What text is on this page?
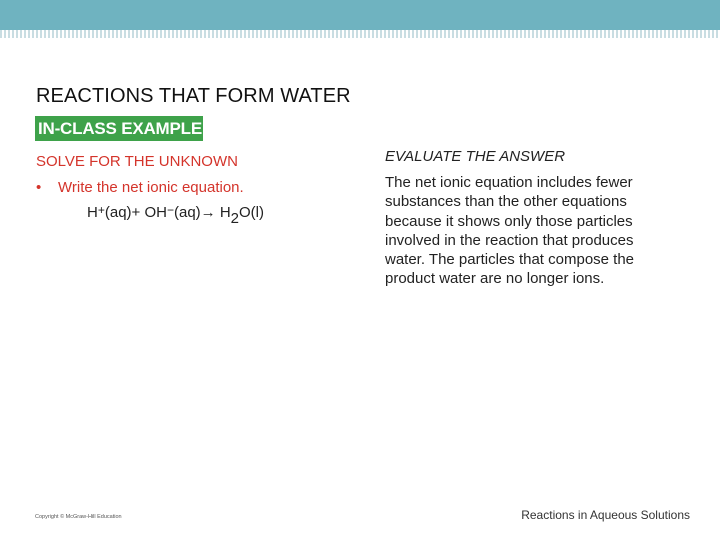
REACTIONS THAT FORM WATER
IN-CLASS EXAMPLE
SOLVE FOR THE UNKNOWN
• Write the net ionic equation.
H+(aq)+ OH−(aq)→ H2O(l)
EVALUATE THE ANSWER

The net ionic equation includes fewer substances than the other equations because it shows only those particles involved in the reaction that produces water. The particles that compose the product water are no longer ions.

Copyright © McGraw-Hill Education	Reactions in Aqueous Solutions
